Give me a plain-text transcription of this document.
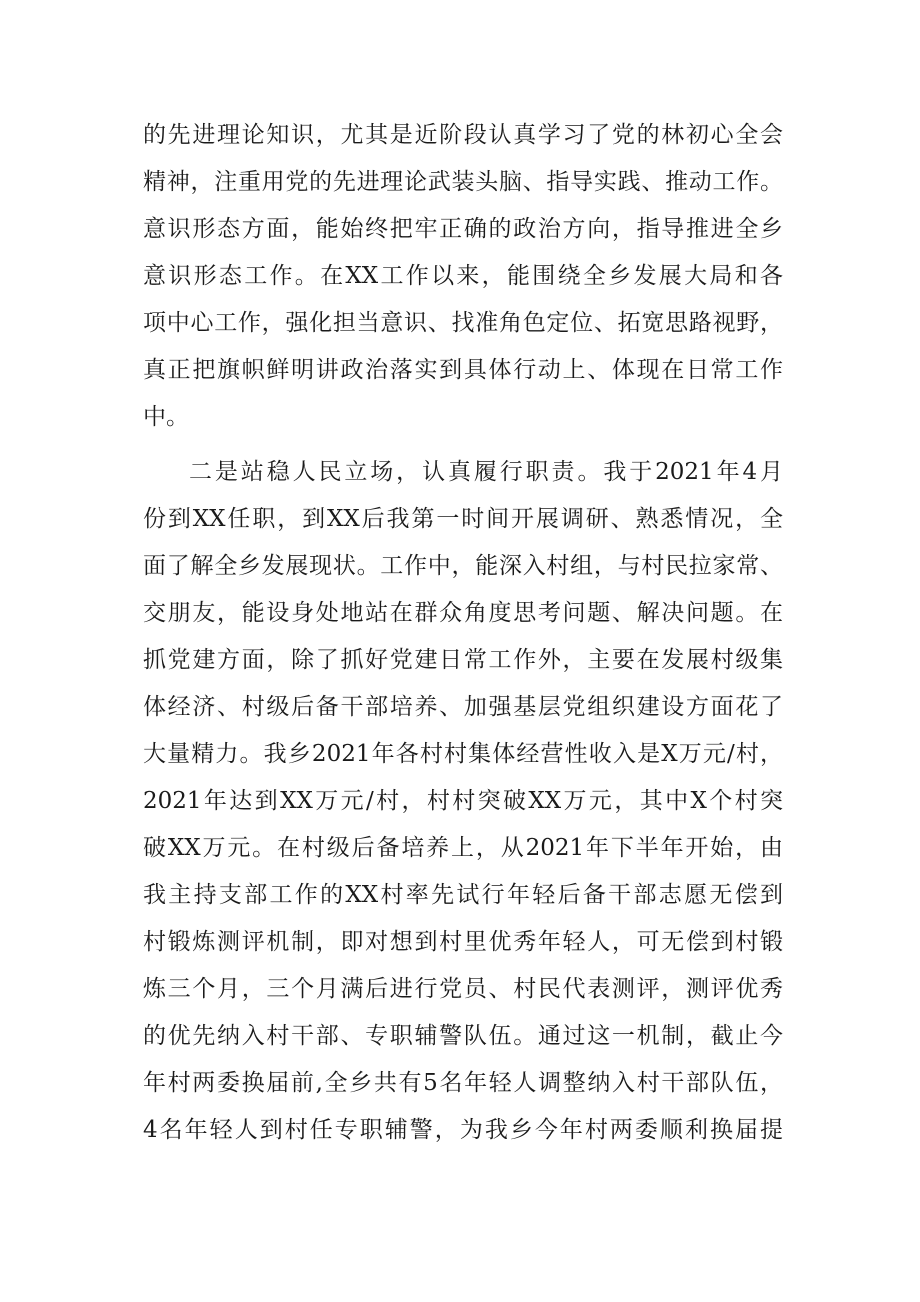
的先进理论知识，尤其是近阶段认真学习了党的林初心全会
精神，注重用党的先进理论武装头脑、指导实践、推动工作。
意识形态方面，能始终把牢正确的政治方向，指导推进全乡
意识形态工作。在XX工作以来，能围绕全乡发展大局和各
项中心工作，强化担当意识、找准角色定位、拓宽思路视野，
真正把旗帜鲜明讲政治落实到具体行动上、体现在日常工作
中。
二是站稳人民立场，认真履行职责。我于2021年4月
份到XX任职，到XX后我第一时间开展调研、熟悉情况，全
面了解全乡发展现状。工作中，能深入村组，与村民拉家常、
交朋友，能设身处地站在群众角度思考问题、解决问题。在
抓党建方面，除了抓好党建日常工作外，主要在发展村级集
体经济、村级后备干部培养、加强基层党组织建设方面花了
大量精力。我乡2021年各村村集体经营性收入是X万元/村，
2021年达到XX万元/村，村村突破XX万元，其中X个村突
破XX万元。在村级后备培养上，从2021年下半年开始，由
我主持支部工作的XX村率先试行年轻后备干部志愿无偿到
村锻炼测评机制，即对想到村里优秀年轻人，可无偿到村锻
炼三个月，三个月满后进行党员、村民代表测评，测评优秀
的优先纳入村干部、专职辅警队伍。通过这一机制，截止今
年村两委换届前,全乡共有5名年轻人调整纳入村干部队伍，
4名年轻人到村任专职辅警，为我乡今年村两委顺利换届提
